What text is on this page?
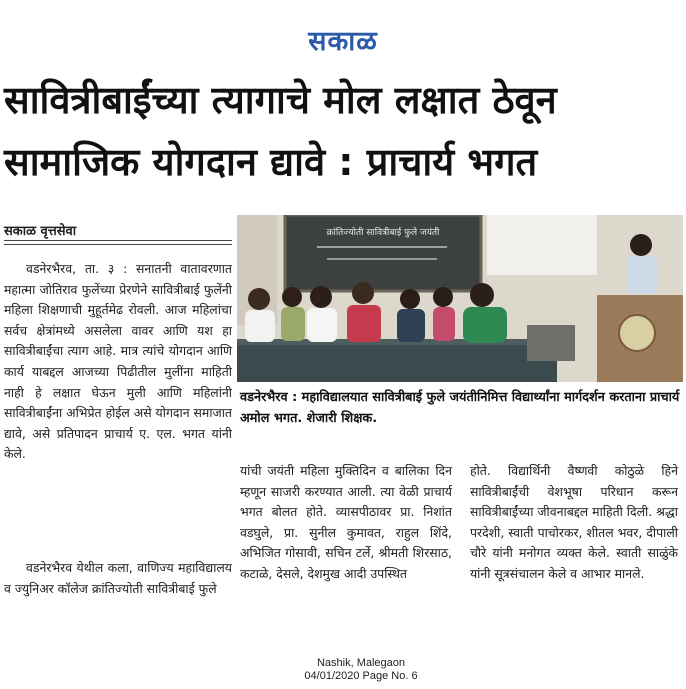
सकाळ
सावित्रीबाईंच्या त्यागाचे मोल लक्षात ठेवून
सामाजिक योगदान द्यावे : प्राचार्य भगत
सकाळ वृत्तसेवा

वडनेरभैरव, ता. ३ : सनातनी वातावरणात महात्मा जोतिराव फुलेंच्या प्रेरणेने सावित्रीबाई फुलेंनी महिला शिक्षणाची मुहूर्तमेढ रोवली. आज महिलांचा सर्वच क्षेत्रांमध्ये असलेला वावर आणि यश हा सावित्रीबाईंचा त्याग आहे. मात्र त्यांचे योगदान आणि कार्य याबद्दल आजच्या पिढीतील मुलींना माहिती नाही हे लक्षात घेऊन मुली आणि महिलांनी सावित्रीबाईंना अभिप्रेत होईल असे योगदान समाजात द्यावे, असे प्रतिपादन प्राचार्य ए. एल. भगत यांनी केले.

वडनेरभैरव येथील कला, वाणिज्य महाविद्यालय व ज्युनिअर कॉलेज क्रांतिज्योती सावित्रीबाई फुले

क्रांतिज्योती सावित्रीबाई फुले जयंती
वडनेरभैरव : महाविद्यालयात सावित्रीबाई फुले जयंतीनिमित्त विद्यार्थ्यांना मार्गदर्शन करताना प्राचार्य अमोल भगत. शेजारी शिक्षक.

यांची जयंती महिला मुक्तिदिन व बालिका दिन म्हणून साजरी करण्यात आली. त्या वेळी प्राचार्य भगत बोलत होते. व्यासपीठावर प्रा. निशांत वडघुले, प्रा. सुनील कुमावत, राहुल शिंदे, अभिजित गोसावी, सचिन टर्ले, श्रीमती शिरसाठ, कटाळे, देसले, देशमुख आदी उपस्थित

होते. विद्यार्थिनी वैष्णवी कोठुळे हिने सावित्रीबाईंची वेशभूषा परिधान करून सावित्रीबाईंच्या जीवनाबद्दल माहिती दिली. श्रद्धा परदेशी, स्वाती पाचोरकर, शीतल भवर, दीपाली चौरे यांनी मनोगत व्यक्त केले. स्वाती साळुंके यांनी सूत्रसंचालन केले व आभार मानले.

Nashik, Malegaon
04/01/2020 Page No. 6
